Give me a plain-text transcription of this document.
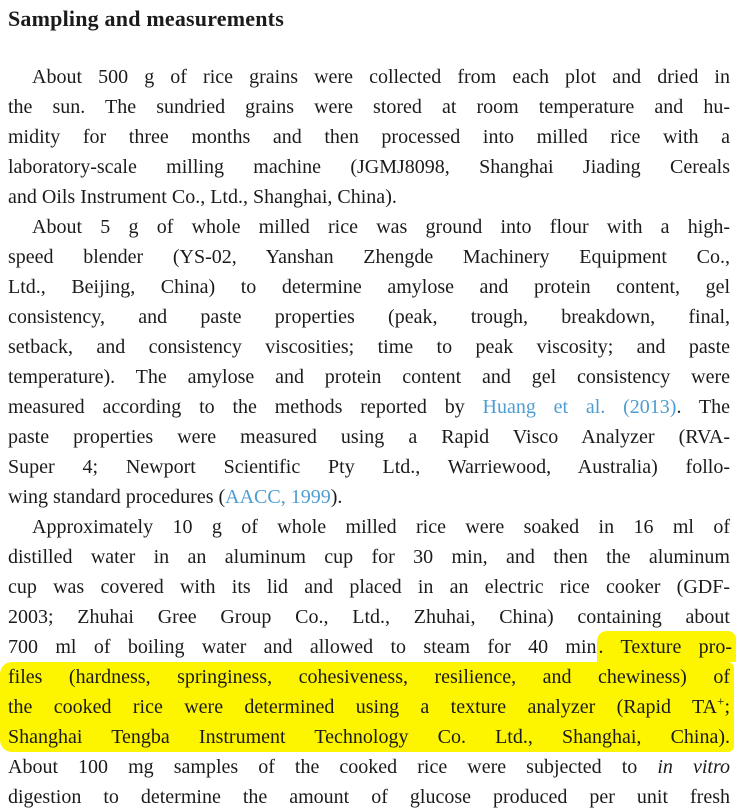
Sampling and measurements
About 500 g of rice grains were collected from each plot and dried in
the sun. The sundried grains were stored at room temperature and hu-
midity for three months and then processed into milled rice with a
laboratory-scale milling machine (JGMJ8098, Shanghai Jiading Cereals
and Oils Instrument Co., Ltd., Shanghai, China).
About 5 g of whole milled rice was ground into flour with a high-
speed blender (YS-02, Yanshan Zhengde Machinery Equipment Co.,
Ltd., Beijing, China) to determine amylose and protein content, gel
consistency, and paste properties (peak, trough, breakdown, final,
setback, and consistency viscosities; time to peak viscosity; and paste
temperature). The amylose and protein content and gel consistency were
measured according to the methods reported by Huang et al. (2013). The
paste properties were measured using a Rapid Visco Analyzer (RVA-
Super 4; Newport Scientific Pty Ltd., Warriewood, Australia) follo-
wing standard procedures (AACC, 1999).
Approximately 10 g of whole milled rice were soaked in 16 ml of
distilled water in an aluminum cup for 30 min, and then the aluminum
cup was covered with its lid and placed in an electric rice cooker (GDF-
2003; Zhuhai Gree Group Co., Ltd., Zhuhai, China) containing about
700 ml of boiling water and allowed to steam for 40 min . Texture pro-
files (hardness, springiness, cohesiveness, resilience, and chewiness) of
the cooked rice were determined using a texture analyzer (Rapid TA+;
Shanghai Tengba Instrument Technology Co. Ltd., Shanghai, China).
About 100 mg samples of the cooked rice were subjected to in vitro
digestion to determine the amount of glucose produced per unit fresh
